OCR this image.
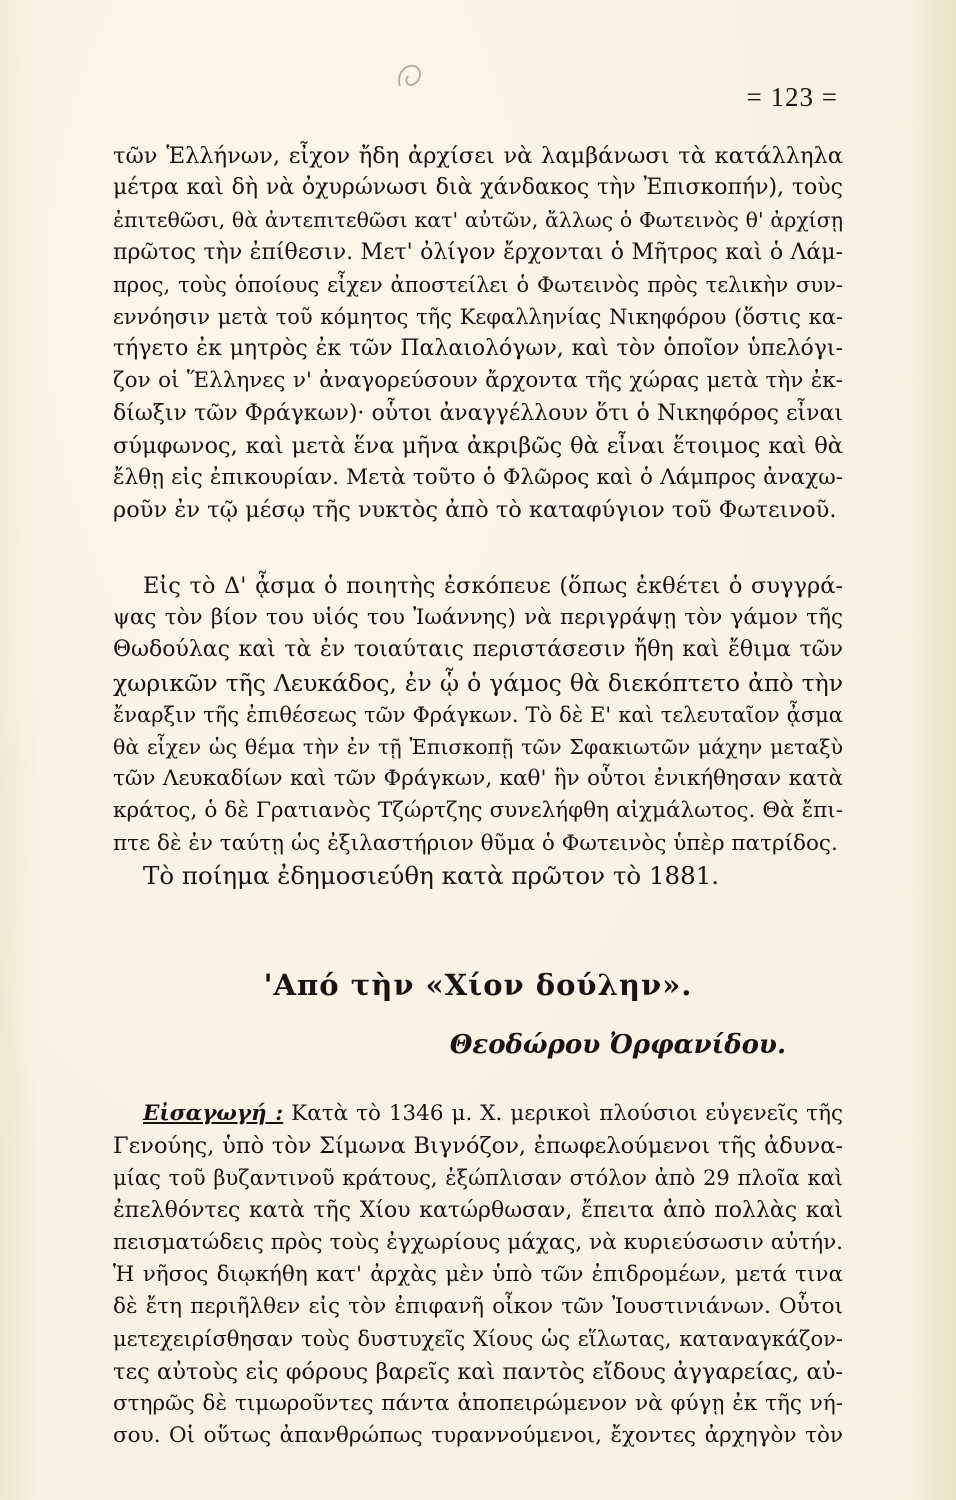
= 123 =
τῶν Ἑλλήνων, εἶχον ἤδη ἀρχίσει νὰ λαμβάνωσι τὰ κατάλληλα
μέτρα καὶ δὴ νὰ ὀχυρώνωσι διὰ χάνδακος τὴν Ἐπισκοπήν), τοὺς
ἐπιτεθῶσι, θὰ ἀντεπιτεθῶσι κατ' αὐτῶν, ἄλλως ὁ Φωτεινὸς θ' ἀρχίσῃ
πρῶτος τὴν ἐπίθεσιν. Μετ' ὀλίγον ἔρχονται ὁ Μῆτρος καὶ ὁ Λάμ-
προς, τοὺς ὁποίους εἶχεν ἀποστείλει ὁ Φωτεινὸς πρὸς τελικὴν συν-
εννόησιν μετὰ τοῦ κόμητος τῆς Κεφαλληνίας Νικηφόρου (ὅστις κα-
τήγετο ἐκ μητρὸς ἐκ τῶν Παλαιολόγων, καὶ τὸν ὁποῖον ὑπελόγι-
ζον οἱ Ἕλληνες ν' ἀναγορεύσουν ἄρχοντα τῆς χώρας μετὰ τὴν ἐκ-
δίωξιν τῶν Φράγκων)· οὗτοι ἀναγγέλλουν ὅτι ὁ Νικηφόρος εἶναι
σύμφωνος, καὶ μετὰ ἕνα μῆνα ἀκριβῶς θὰ εἶναι ἕτοιμος καὶ θὰ
ἔλθῃ εἰς ἐπικουρίαν. Μετὰ τοῦτο ὁ Φλῶρος καὶ ὁ Λάμπρος ἀναχω-
ροῦν ἐν τῷ μέσῳ τῆς νυκτὸς ἀπὸ τὸ καταφύγιον τοῦ Φωτεινοῦ.
Εἰς τὸ Δ' ᾆσμα ὁ ποιητὴς ἐσκόπευε (ὅπως ἐκθέτει ὁ συγγρά-
ψας τὸν βίον του υἱός του Ἰωάννης) νὰ περιγράψῃ τὸν γάμον τῆς
Θωδούλας καὶ τὰ ἐν τοιαύταις περιστάσεσιν ἤθη καὶ ἔθιμα τῶν
χωρικῶν τῆς Λευκάδος, ἐν ᾧ ὁ γάμος θὰ διεκόπτετο ἀπὸ τὴν
ἔναρξιν τῆς ἐπιθέσεως τῶν Φράγκων. Τὸ δὲ Ε' καὶ τελευταῖον ᾆσμα
θὰ εἶχεν ὡς θέμα τὴν ἐν τῇ Ἐπισκοπῇ τῶν Σφακιωτῶν μάχην μεταξὺ
τῶν Λευκαδίων καὶ τῶν Φράγκων, καθ' ἣν οὗτοι ἐνικήθησαν κατὰ
κράτος, ὁ δὲ Γρατιανὸς Τζώρτζης συνελήφθη αἰχμάλωτος. Θὰ ἔπι-
πτε δὲ ἐν ταύτῃ ὡς ἐξιλαστήριον θῦμα ὁ Φωτεινὸς ὑπὲρ πατρίδος.
Τὸ ποίημα ἐδημοσιεύθη κατὰ πρῶτον τὸ 1881.
'Από τὴν «Χίον δούλην».
Θεοδώρου Ὀρφανίδου.
Εἰσαγωγή : Κατὰ τὸ 1346 μ. Χ. μερικοὶ πλούσιοι εὐγενεῖς τῆς
Γενούης, ὑπὸ τὸν Σίμωνα Βιγνόζον, ἐπωφελούμενοι τῆς ἀδυνα-
μίας τοῦ βυζαντινοῦ κράτους, ἐξώπλισαν στόλον ἀπὸ 29 πλοῖα καὶ
ἐπελθόντες κατὰ τῆς Χίου κατώρθωσαν, ἔπειτα ἀπὸ πολλὰς καὶ
πεισματώδεις πρὸς τοὺς ἐγχωρίους μάχας, νὰ κυριεύσωσιν αὐτήν.
Ἡ νῆσος διῳκήθη κατ' ἀρχὰς μὲν ὑπὸ τῶν ἐπιδρομέων, μετά τινα
δὲ ἔτη περιῆλθεν εἰς τὸν ἐπιφανῆ οἶκον τῶν Ἰουστινιάνων. Οὗτοι
μετεχειρίσθησαν τοὺς δυστυχεῖς Χίους ὡς εἵλωτας, καταναγκάζον-
τες αὐτοὺς εἰς φόρους βαρεῖς καὶ παντὸς εἴδους ἀγγαρείας, αὐ-
στηρῶς δὲ τιμωροῦντες πάντα ἀποπειρώμενον νὰ φύγῃ ἐκ τῆς νή-
σου. Οἱ οὕτως ἀπανθρώπως τυραννούμενοι, ἔχοντες ἀρχηγὸν τὸν
